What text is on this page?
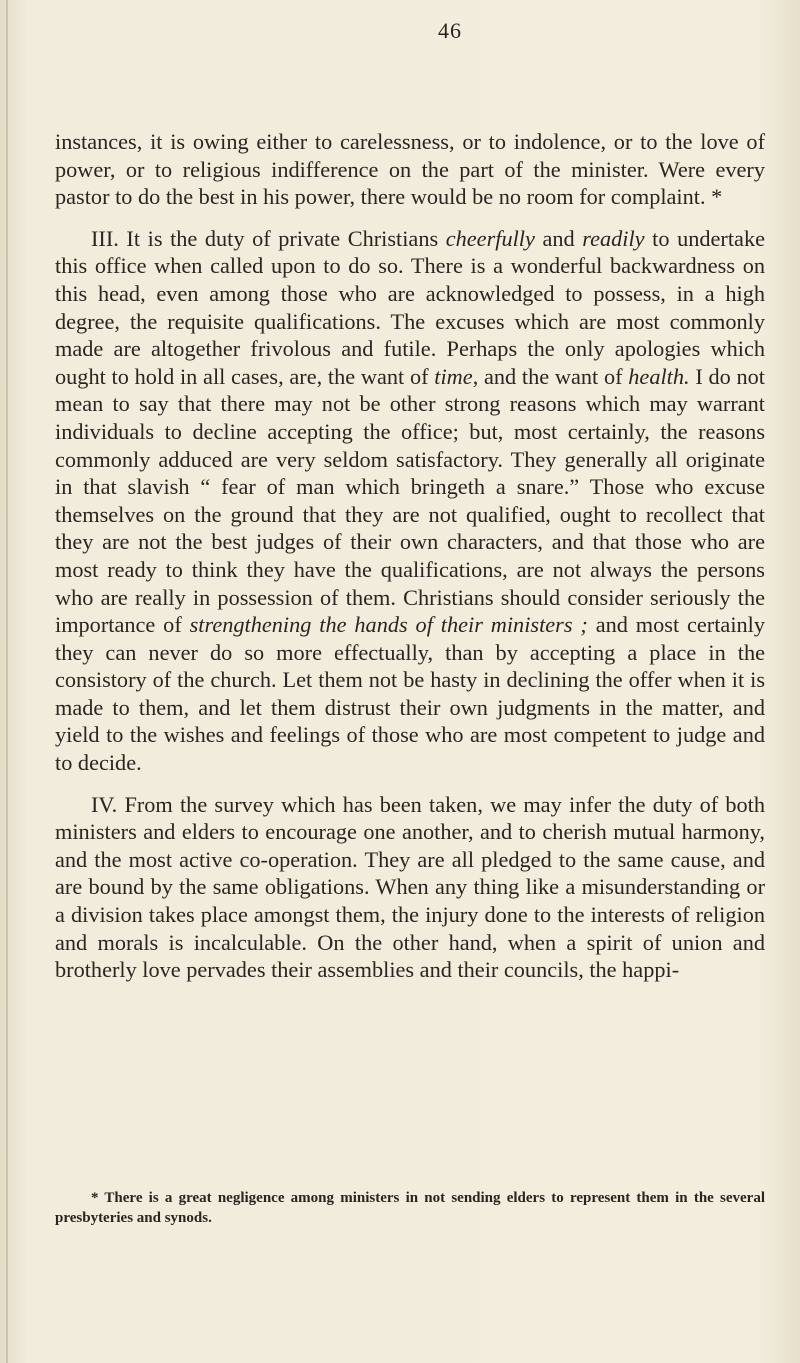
46

instances, it is owing either to carelessness, or to indolence, or to the love of power, or to religious indifference on the part of the minister. Were every pastor to do the best in his power, there would be no room for complaint. *

III. It is the duty of private Christians cheerfully and readily to undertake this office when called upon to do so. There is a wonderful backwardness on this head, even among those who are acknowledged to possess, in a high degree, the requisite qualifications. The excuses which are most commonly made are altogether frivolous and futile. Perhaps the only apologies which ought to hold in all cases, are, the want of time, and the want of health. I do not mean to say that there may not be other strong reasons which may warrant individuals to decline accepting the office; but, most certainly, the reasons commonly adduced are very seldom satisfactory. They generally all originate in that slavish “ fear of man which bringeth a snare.” Those who excuse themselves on the ground that they are not qualified, ought to recollect that they are not the best judges of their own characters, and that those who are most ready to think they have the qualifications, are not always the persons who are really in possession of them. Christians should consider seriously the importance of strengthening the hands of their ministers ; and most certainly they can never do so more effectually, than by accepting a place in the consistory of the church. Let them not be hasty in declining the offer when it is made to them, and let them distrust their own judgments in the matter, and yield to the wishes and feelings of those who are most competent to judge and to decide.

IV. From the survey which has been taken, we may infer the duty of both ministers and elders to encourage one another, and to cherish mutual harmony, and the most active co-operation. They are all pledged to the same cause, and are bound by the same obligations. When any thing like a misunderstanding or a division takes place amongst them, the injury done to the interests of religion and morals is incalculable. On the other hand, when a spirit of union and brotherly love pervades their assemblies and their councils, the happi-

* There is a great negligence among ministers in not sending elders to represent them in the several presbyteries and synods.
